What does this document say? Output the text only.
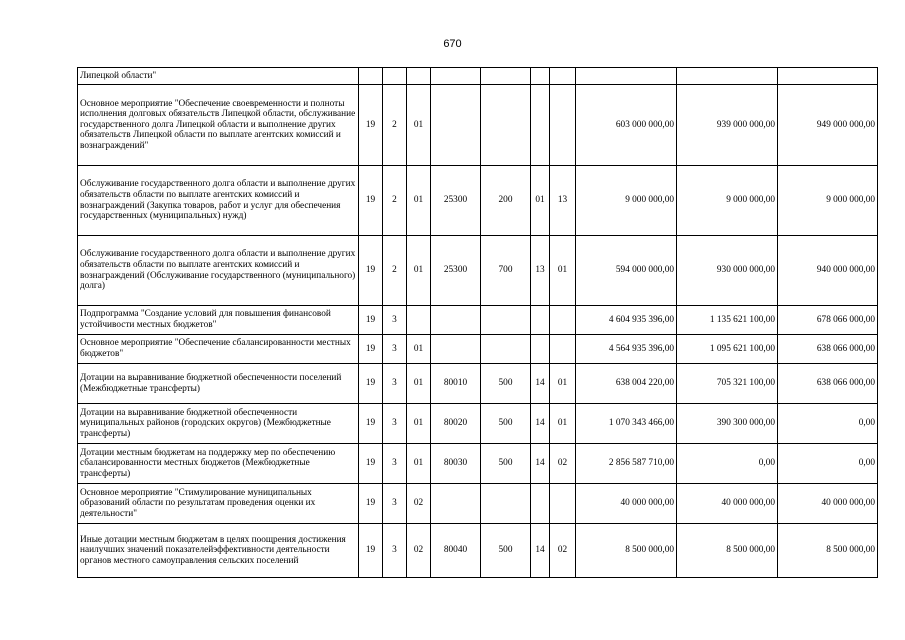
670
Липецкой области"										
Основное мероприятие "Обеспечение своевременности и полноты исполнения долговых обязательств Липецкой области, обслуживание государственного долга Липецкой области и выполнение других обязательств Липецкой области по выплате агентских комиссий и вознаграждений"	19	2	01					603 000 000,00	939 000 000,00	949 000 000,00
Обслуживание государственного долга области и выполнение других обязательств области по выплате агентских комиссий и вознаграждений (Закупка товаров, работ и услуг для обеспечения государственных (муниципальных) нужд)	19	2	01	25300	200	01	13	9 000 000,00	9 000 000,00	9 000 000,00
Обслуживание государственного долга области и выполнение других обязательств области по выплате агентских комиссий и вознаграждений (Обслуживание государственного (муниципального) долга)	19	2	01	25300	700	13	01	594 000 000,00	930 000 000,00	940 000 000,00
Подпрограмма "Создание условий для повышения финансовой устойчивости местных бюджетов"	19	3						4 604 935 396,00	1 135 621 100,00	678 066 000,00
Основное мероприятие "Обеспечение сбалансированности местных бюджетов"	19	3	01					4 564 935 396,00	1 095 621 100,00	638 066 000,00
Дотации на выравнивание бюджетной обеспеченности поселений (Межбюджетные трансферты)	19	3	01	80010	500	14	01	638 004 220,00	705 321 100,00	638 066 000,00
Дотации на выравнивание бюджетной обеспеченности муниципальных районов (городских округов) (Межбюджетные трансферты)	19	3	01	80020	500	14	01	1 070 343 466,00	390 300 000,00	0,00
Дотации местным бюджетам на поддержку мер по обеспечению сбалансированности местных бюджетов (Межбюджетные трансферты)	19	3	01	80030	500	14	02	2 856 587 710,00	0,00	0,00
Основное мероприятие "Стимулирование муниципальных образований области по результатам проведения оценки их деятельности"	19	3	02					40 000 000,00	40 000 000,00	40 000 000,00
Иные дотации местным бюджетам в целях поощрения достижения наилучших значений показателейэффективности деятельности органов местного самоуправления сельских поселений	19	3	02	80040	500	14	02	8 500 000,00	8 500 000,00	8 500 000,00
